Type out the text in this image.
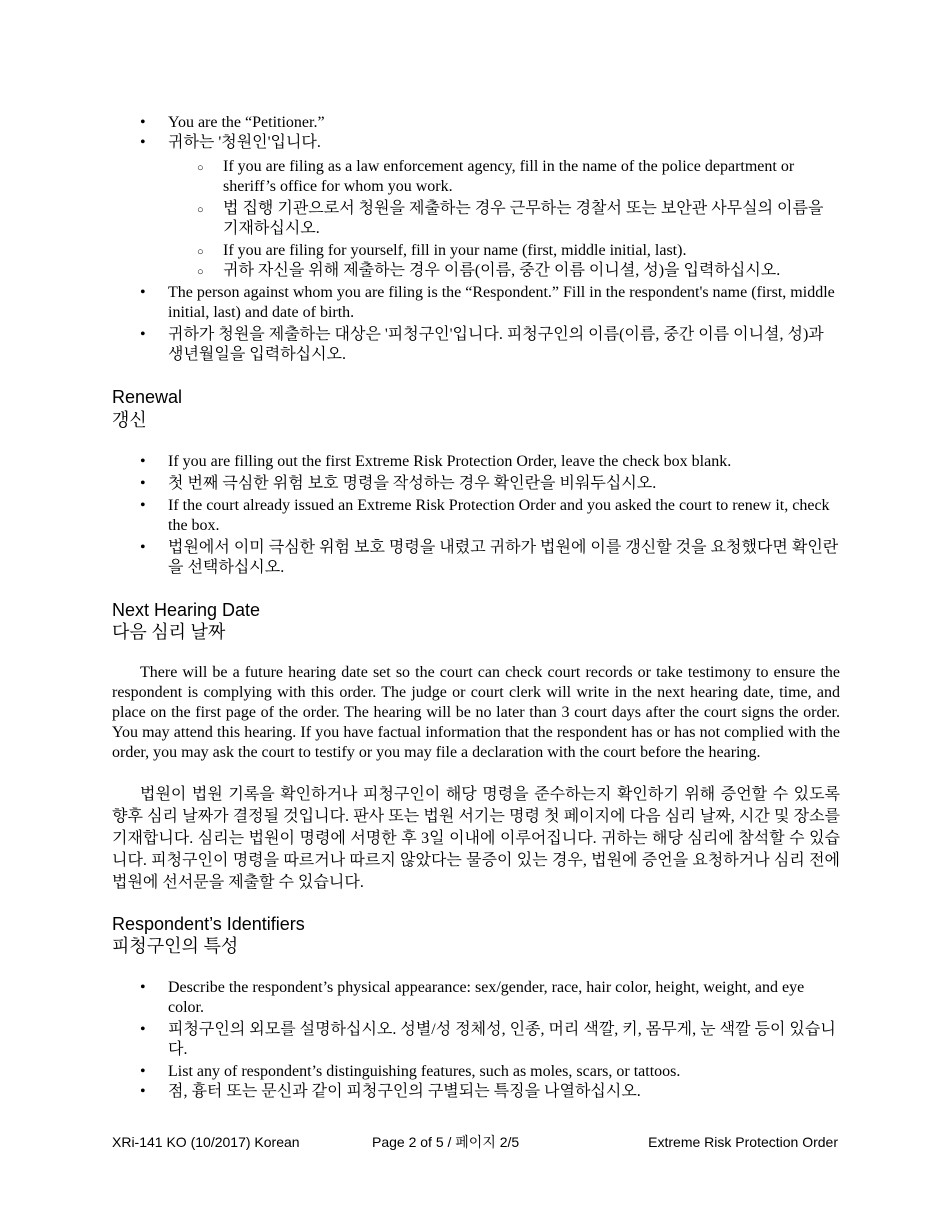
• You are the “Petitioner.”
• 귀하는 '청원인'입니다.
○ If you are filing as a law enforcement agency, fill in the name of the police department or sheriff’s office for whom you work.
○ 법 집행 기관으로서 청원을 제출하는 경우 근무하는 경찰서 또는 보안관 사무실의 이름을 기재하십시오.
○ If you are filing for yourself, fill in your name (first, middle initial, last).
○ 귀하 자신을 위해 제출하는 경우 이름(이름, 중간 이름 이니셜, 성)을 입력하십시오.
• The person against whom you are filing is the “Respondent.” Fill in the respondent's name (first, middle initial, last) and date of birth.
• 귀하가 청원을 제출하는 대상은 '피청구인'입니다. 피청구인의 이름(이름, 중간 이름 이니셜, 성)과 생년월일을 입력하십시오.
Renewal
갱신
• If you are filling out the first Extreme Risk Protection Order, leave the check box blank.
• 첫 번째 극심한 위험 보호 명령을 작성하는 경우 확인란을 비워두십시오.
• If the court already issued an Extreme Risk Protection Order and you asked the court to renew it, check the box.
• 법원에서 이미 극심한 위험 보호 명령을 내렸고 귀하가 법원에 이를 갱신할 것을 요청했다면 확인란을 선택하십시오.
Next Hearing Date
다음 심리 날짜
There will be a future hearing date set so the court can check court records or take testimony to ensure the respondent is complying with this order. The judge or court clerk will write in the next hearing date, time, and place on the first page of the order. The hearing will be no later than 3 court days after the court signs the order. You may attend this hearing. If you have factual information that the respondent has or has not complied with the order, you may ask the court to testify or you may file a declaration with the court before the hearing.
법원이 법원 기록을 확인하거나 피청구인이 해당 명령을 준수하는지 확인하기 위해 증언할 수 있도록 향후 심리 날짜가 결정될 것입니다. 판사 또는 법원 서기는 명령 첫 페이지에 다음 심리 날짜, 시간 및 장소를 기재합니다. 심리는 법원이 명령에 서명한 후 3일 이내에 이루어집니다. 귀하는 해당 심리에 참석할 수 있습니다. 피청구인이 명령을 따르거나 따르지 않았다는 물증이 있는 경우, 법원에 증언을 요청하거나 심리 전에 법원에 선서문을 제출할 수 있습니다.
Respondent’s Identifiers
피청구인의 특성
• Describe the respondent’s physical appearance: sex/gender, race, hair color, height, weight, and eye color.
• 피청구인의 외모를 설명하십시오. 성별/성 정체성, 인종, 머리 색깔, 키, 몸무게, 눈 색깔 등이 있습니다.
• List any of respondent’s distinguishing features, such as moles, scars, or tattoos.
• 점, 흉터 또는 문신과 같이 피청구인의 구별되는 특징을 나열하십시오.
XRi-141 KO (10/2017) Korean	Page 2 of 5 / 페이지 2/5	Extreme Risk Protection Order
